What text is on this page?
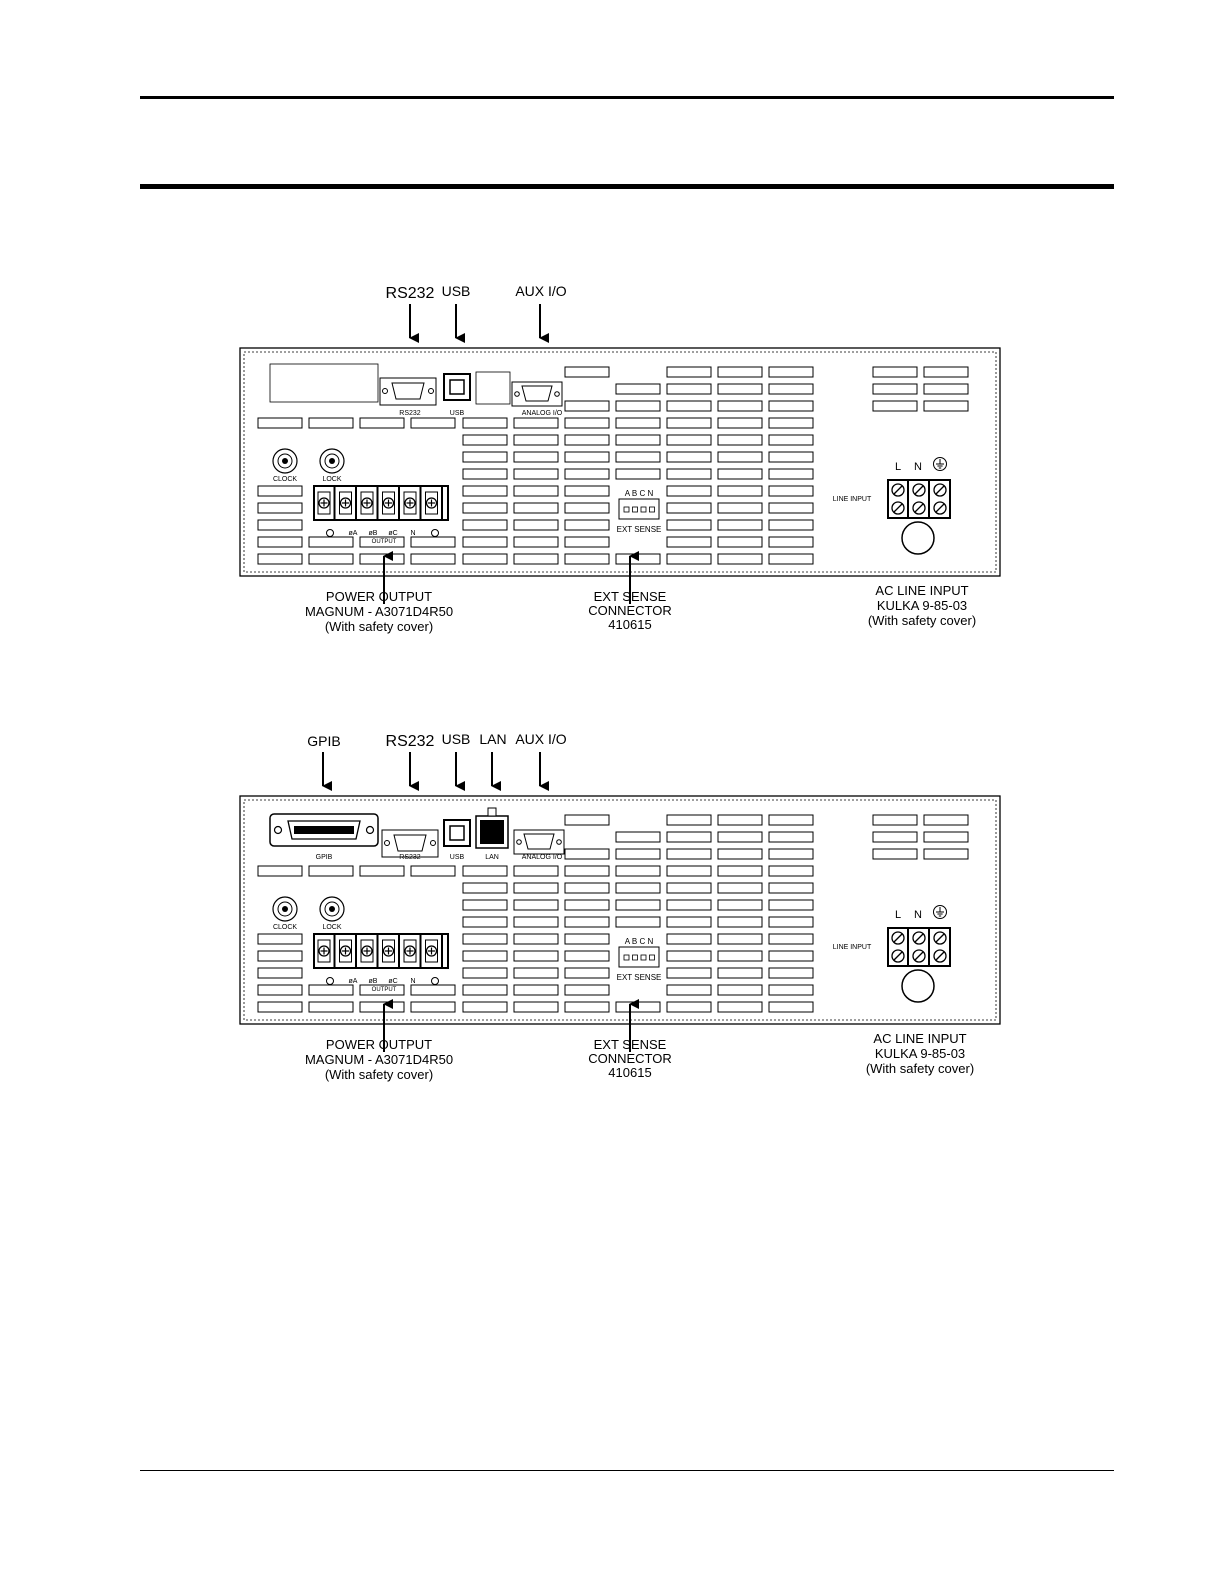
RS232 USB	AUX I/O
RS232	USB	ANALOG I/O
CLOCK	LOCK
øA øB øC N
OUTPUT
A B C N
EXT SENSE
LINE INPUT
L N
POWER OUTPUT
MAGNUM - A3071D4R50
(With safety cover)
EXT SENSE
CONNECTOR
410615
AC LINE INPUT
KULKA 9-85-03
(With safety cover)
GPIB	RS232 USB LAN AUX I/O
GPIB	RS232	USB	LAN	ANALOG I/O
CLOCK	LOCK
øA øB øC N
OUTPUT
A B C N
EXT SENSE
LINE INPUT
L N
POWER OUTPUT
MAGNUM - A3071D4R50
(With safety cover)
EXT SENSE
CONNECTOR
410615
AC LINE INPUT
KULKA 9-85-03
(With safety cover)
